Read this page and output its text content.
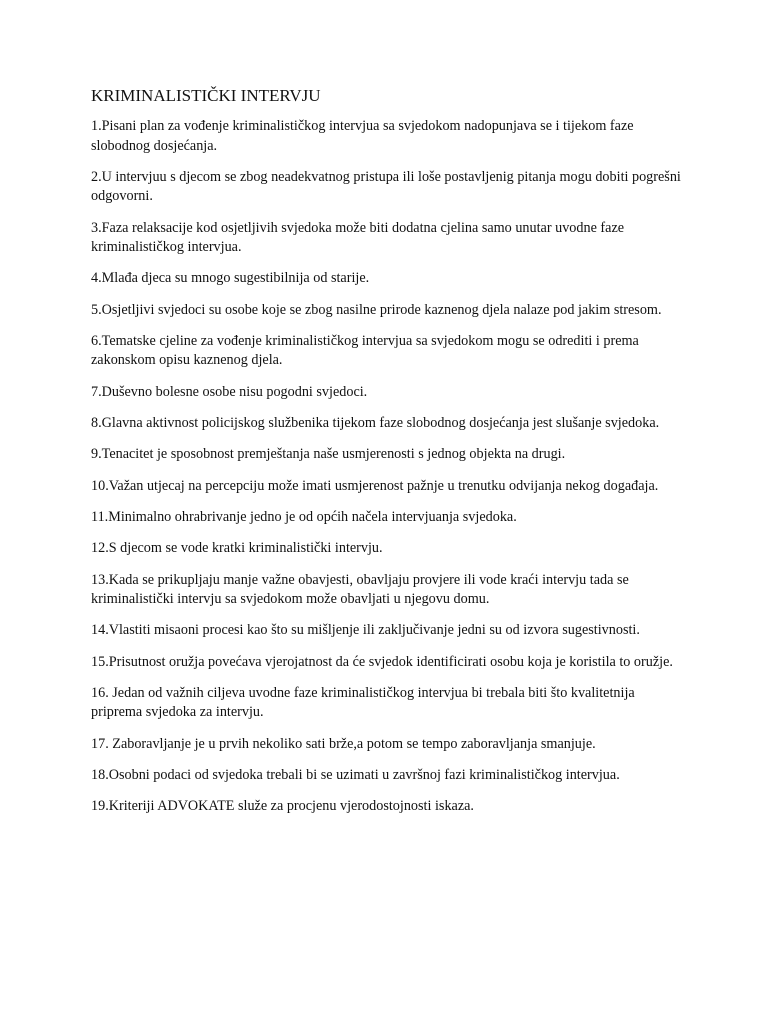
KRIMINALISTIČKI INTERVJU

1.Pisani plan za vođenje kriminalističkog intervjua sa svjedokom nadopunjava se i tijekom faze slobodnog dosjećanja.

2.U intervjuu s djecom se zbog neadekvatnog pristupa ili loše postavljenig pitanja mogu dobiti pogrešni odgovorni.

3.Faza relaksacije kod osjetljivih svjedoka može biti dodatna cjelina samo unutar uvodne faze kriminalističkog intervjua.

4.Mlađa djeca su mnogo sugestibilnija od starije.

5.Osjetljivi svjedoci su osobe koje se zbog nasilne prirode kaznenog djela nalaze pod jakim stresom.

6.Tematske cjeline za vođenje kriminalističkog intervjua sa svjedokom mogu se odrediti i prema zakonskom opisu kaznenog djela.

7.Duševno bolesne osobe nisu pogodni svjedoci.

8.Glavna aktivnost policijskog službenika tijekom faze slobodnog dosjećanja jest slušanje svjedoka.

9.Tenacitet je sposobnost premještanja naše usmjerenosti s jednog objekta na drugi.

10.Važan utjecaj na percepciju može imati usmjerenost pažnje u trenutku odvijanja nekog događaja.

11.Minimalno ohrabrivanje jedno je od općih načela intervjuanja svjedoka.

12.S djecom se vode kratki kriminalistički intervju.

13.Kada se prikupljaju manje važne obavjesti, obavljaju provjere ili vode kraći intervju tada se kriminalistički intervju sa svjedokom može obavljati u njegovu domu.

14.Vlastiti misaoni procesi kao što su mišljenje ili zaključivanje jedni su od izvora sugestivnosti.

15.Prisutnost oružja povećava vjerojatnost da će svjedok identificirati osobu koja je koristila to oružje.

16. Jedan od važnih ciljeva uvodne faze kriminalističkog intervjua bi trebala biti što kvalitetnija priprema svjedoka za intervju.

17. Zaboravljanje je u prvih nekoliko sati brže,a potom se tempo zaboravljanja smanjuje.

18.Osobni podaci od svjedoka trebali bi se uzimati u završnoj fazi kriminalističkog intervjua.

19.Kriteriji ADVOKATE služe za procjenu vjerodostojnosti iskaza.
